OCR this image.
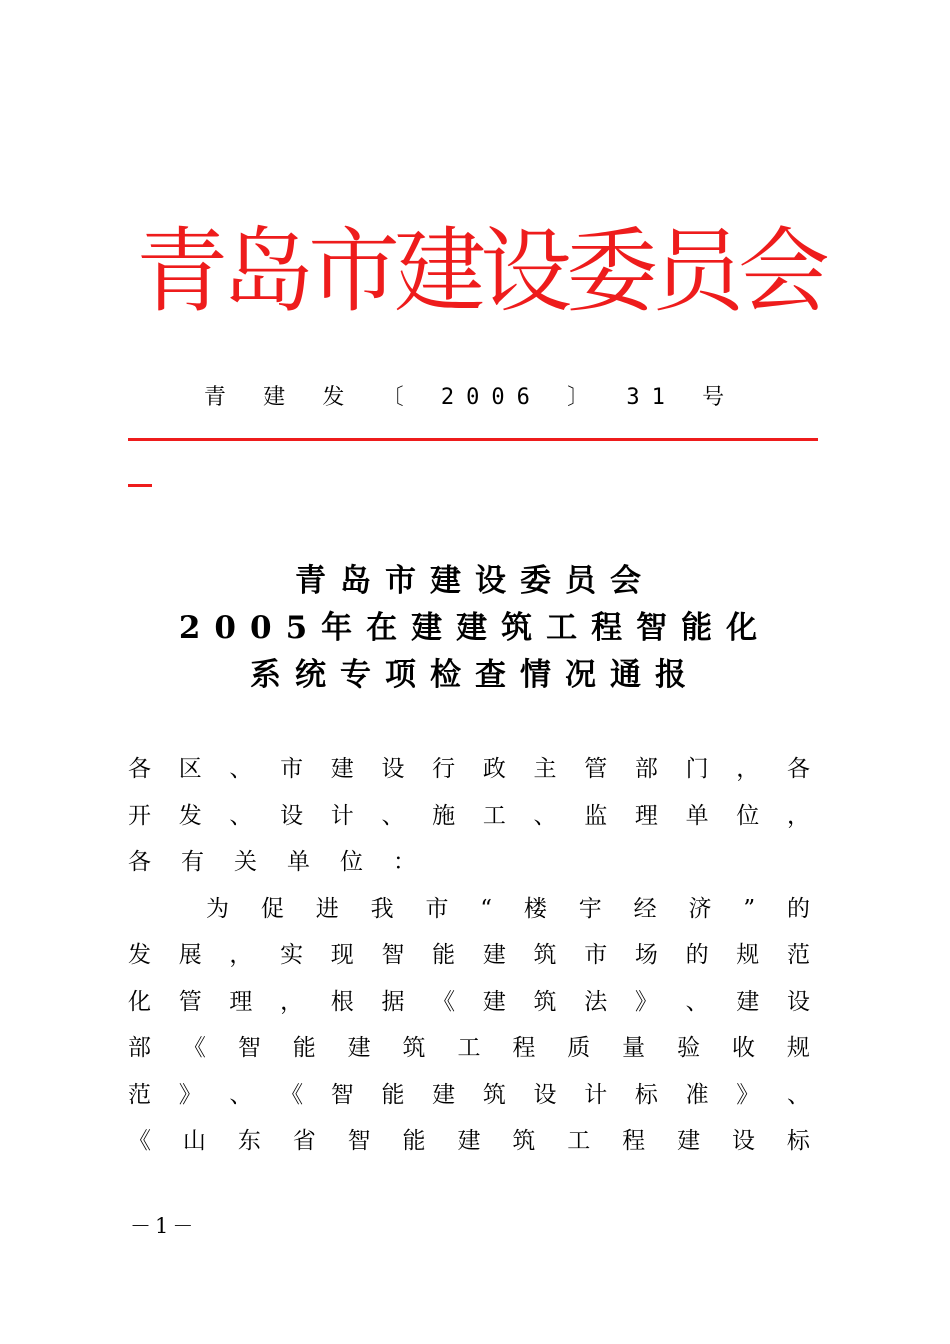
青岛市建设委员会
青 建 发 〔 2006 〕 31 号
青岛市建设委员会
2005年在建建筑工程智能化
系统专项检查情况通报
各 区 、 市 建 设 行 政 主 管 部 门 ， 各
开 发 、 设 计 、 施 工 、 监 理 单 位 ，
各 有 关 单 位 ：
为 促 进 我 市 “ 楼 宇 经 济 ” 的
发 展 ， 实 现 智 能 建 筑 市 场 的 规 范
化 管 理 ， 根 据 《 建 筑 法 》 、 建 设
部 《 智 能 建 筑 工 程 质 量 验 收 规
范 》 、 《 智 能 建 筑 设 计 标 准 》 、
《 山 东 省 智 能 建 筑 工 程 建 设 标
－1－
